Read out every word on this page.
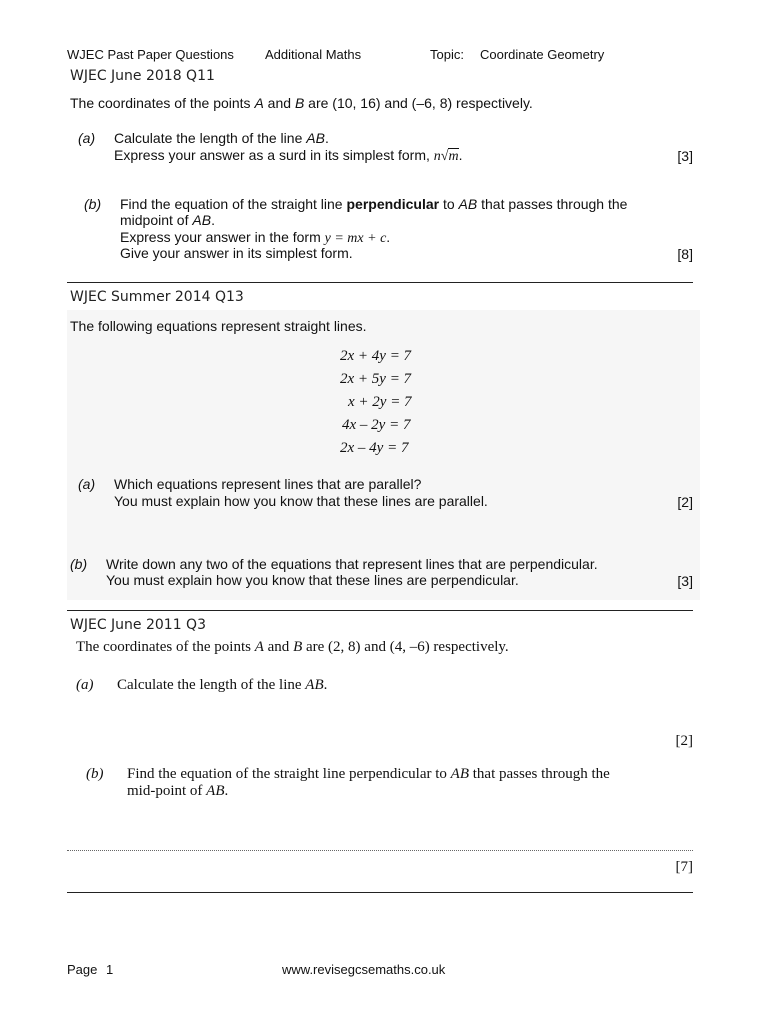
WJEC Past Paper Questions Additional Maths	Topic: Coordinate Geometry
WJEC June 2018 Q11
The coordinates of the points A and B are (10, 16) and (–6, 8) respectively.
(a) Calculate the length of the line AB.
Express your answer as a surd in its simplest form, n√m.	[3]
(b) Find the equation of the straight line perpendicular to AB that passes through the
midpoint of AB.
Express your answer in the form y = mx + c.
Give your answer in its simplest form.	[8]
WJEC Summer 2014 Q13
The following equations represent straight lines.
2x + 4y = 7
2x + 5y = 7
x + 2y = 7
4x – 2y = 7
2x – 4y = 7
(a) Which equations represent lines that are parallel?
You must explain how you know that these lines are parallel.	[2]
(b) Write down any two of the equations that represent lines that are perpendicular.
You must explain how you know that these lines are perpendicular.	[3]
WJEC June 2011 Q3
The coordinates of the points A and B are (2, 8) and (4, –6) respectively.
(a) Calculate the length of the line AB.
[2]
(b) Find the equation of the straight line perpendicular to AB that passes through the
mid-point of AB.
[7]
Page 1	www.revisegcsemaths.co.uk
